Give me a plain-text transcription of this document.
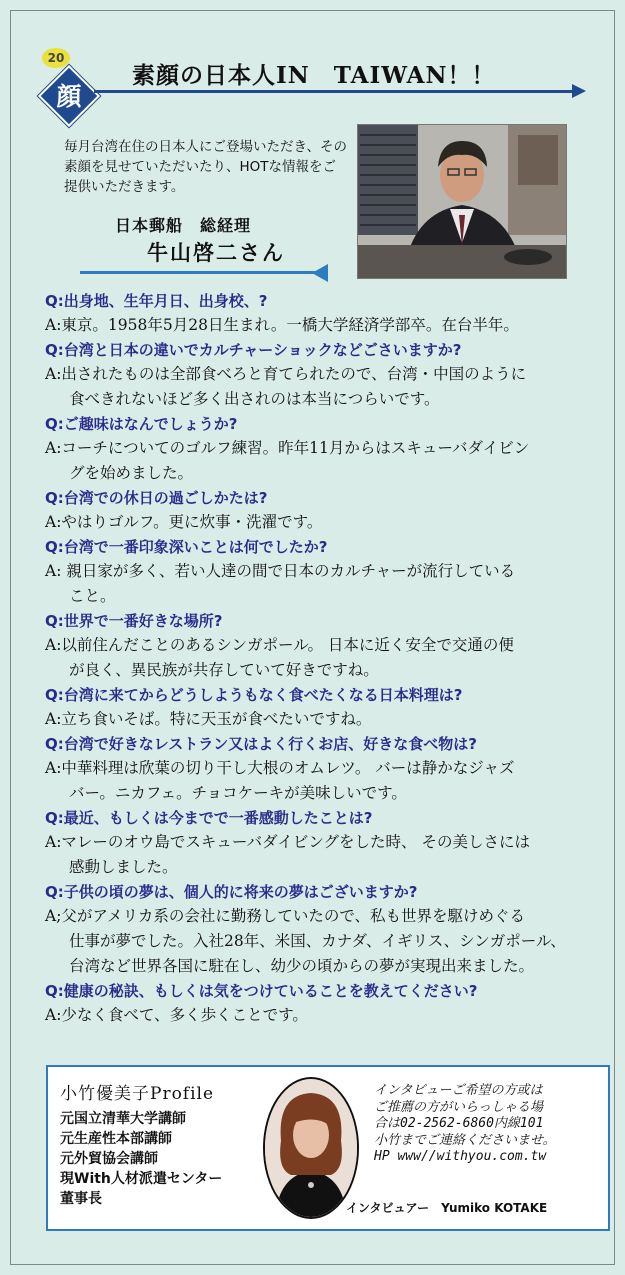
20
顔
素顔の日本人IN　TAIWAN！！
毎月台湾在住の日本人にご登場いただき、その素顔を見せていただいたり、HOTな情報をご提供いただきます。
日本郵船　総経理
牛山啓二さん
Q:出身地、生年月日、出身校、?
A:東京。1958年5月28日生まれ。一橋大学経済学部卒。在台半年。
Q:台湾と日本の違いでカルチャーショックなどごさいますか?
A:出されたものは全部食べろと育てられたので、台湾・中国のように
食べきれないほど多く出されのは本当につらいです。
Q:ご趣味はなんでしょうか?
A:コーチについてのゴルフ練習。昨年11月からはスキューバダイビン
グを始めました。
Q:台湾での休日の過ごしかたは?
A:やはりゴルフ。更に炊事・洗濯です。
Q:台湾で一番印象深いことは何でしたか?
A: 親日家が多く、若い人達の間で日本のカルチャーが流行している
こと。
Q:世界で一番好きな場所?
A:以前住んだことのあるシンガポール。 日本に近く安全で交通の便
が良く、異民族が共存していて好きですね。
Q:台湾に来てからどうしようもなく食べたくなる日本料理は?
A:立ち食いそば。特に天玉が食べたいですね。
Q:台湾で好きなレストラン又はよく行くお店、好きな食べ物は?
A:中華料理は欣葉の切り干し大根のオムレツ。 バーは静かなジャズ
バー。ニカフェ。チョコケーキが美味しいです。
Q:最近、もしくは今までで一番感動したことは?
A:マレーのオウ島でスキューバダイビングをした時、 その美しさには
感動しました。
Q:子供の頃の夢は、個人的に将来の夢はございますか?
A;父がアメリカ系の会社に勤務していたので、私も世界を駆けめぐる
仕事が夢でした。入社28年、米国、カナダ、イギリス、シンガポール、
台湾など世界各国に駐在し、幼少の頃からの夢が実現出来ました。
Q:健康の秘訣、もしくは気をつけていることを教えてください?
A:少なく食べて、多く歩くことです。
小竹優美子Profile
元国立清華大学講師
元生産性本部講師
元外貿協会講師
現With人材派遣センター
董事長
インタビューご希望の方或は
ご推薦の方がいらっしゃる場
合は02-2562-6860内線101
小竹までご連絡くださいませ。
HP www//withyou.com.tw
インタビュアー　Yumiko KOTAKE
